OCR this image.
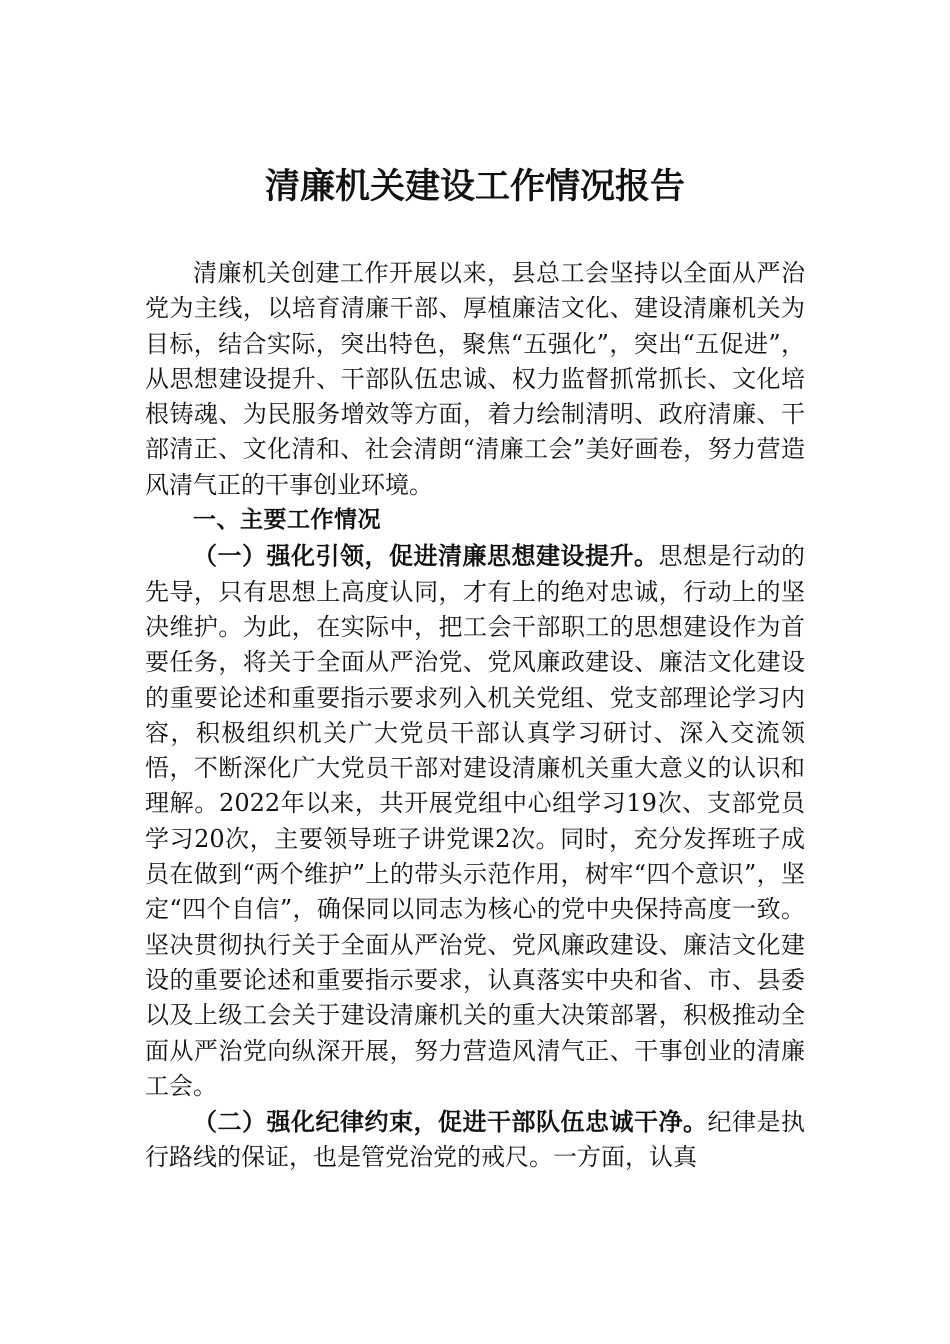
清廉机关建设工作情况报告

清廉机关创建工作开展以来，县总工会坚持以全面从严治党为主线，以培育清廉干部、厚植廉洁文化、建设清廉机关为目标，结合实际，突出特色，聚焦“五强化”，突出“五促进”，从思想建设提升、干部队伍忠诚、权力监督抓常抓长、文化培根铸魂、为民服务增效等方面，着力绘制清明、政府清廉、干部清正、文化清和、社会清朗“清廉工会”美好画卷，努力营造风清气正的干事创业环境。

一、主要工作情况

（一）强化引领，促进清廉思想建设提升。思想是行动的先导，只有思想上高度认同，才有上的绝对忠诚，行动上的坚决维护。为此，在实际中，把工会干部职工的思想建设作为首要任务，将关于全面从严治党、党风廉政建设、廉洁文化建设的重要论述和重要指示要求列入机关党组、党支部理论学习内容，积极组织机关广大党员干部认真学习研讨、深入交流领悟，不断深化广大党员干部对建设清廉机关重大意义的认识和理解。2022年以来，共开展党组中心组学习19次、支部党员学习20次，主要领导班子讲党课2次。同时，充分发挥班子成员在做到“两个维护”上的带头示范作用，树牢“四个意识”，坚定“四个自信”，确保同以同志为核心的党中央保持高度一致。坚决贯彻执行关于全面从严治党、党风廉政建设、廉洁文化建设的重要论述和重要指示要求，认真落实中央和省、市、县委以及上级工会关于建设清廉机关的重大决策部署，积极推动全面从严治党向纵深开展，努力营造风清气正、干事创业的清廉工会。

（二）强化纪律约束，促进干部队伍忠诚干净。纪律是执行路线的保证，也是管党治党的戒尺。一方面，认真
